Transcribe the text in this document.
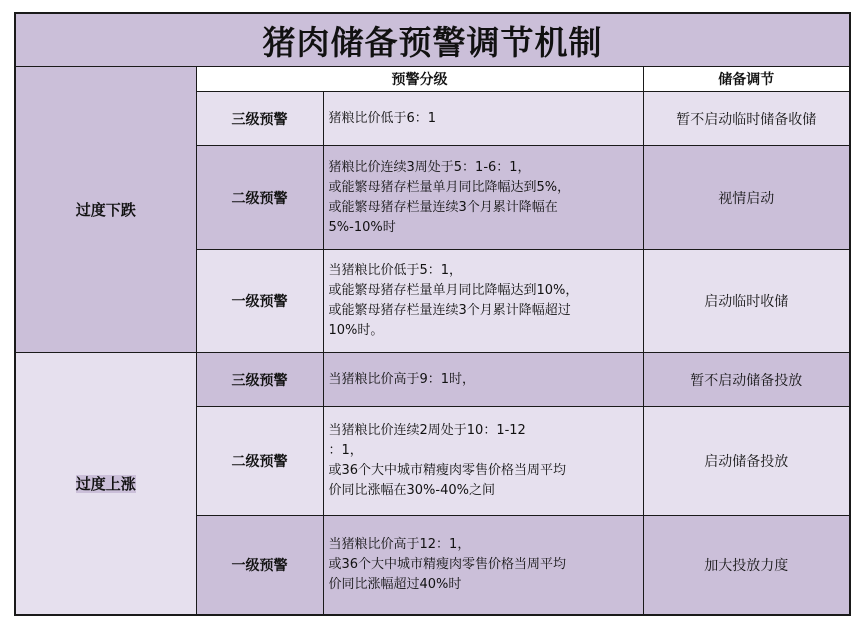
猪肉储备预警调节机制			
过度下跌	预警分级		储备调节
	三级预警	猪粮比价低于6：1	暂不启动临时储备收储
	二级预警	猪粮比价连续3周处于5：1-6：1，
或能繁母猪存栏量单月同比降幅达到5%，
或能繁母猪存栏量连续3个月累计降幅在
5%-10%时	视情启动
	一级预警	当猪粮比价低于5：1，
或能繁母猪存栏量单月同比降幅达到10%，
或能繁母猪存栏量连续3个月累计降幅超过
10%时。	启动临时收储
过度上涨	三级预警	当猪粮比价高于9：1时，	暂不启动储备投放
	二级预警	当猪粮比价连续2周处于10：1-12
：1，
或36个大中城市精瘦肉零售价格当周平均
价同比涨幅在30%-40%之间	启动储备投放
	一级预警	当猪粮比价高于12：1，
或36个大中城市精瘦肉零售价格当周平均
价同比涨幅超过40%时	加大投放力度
